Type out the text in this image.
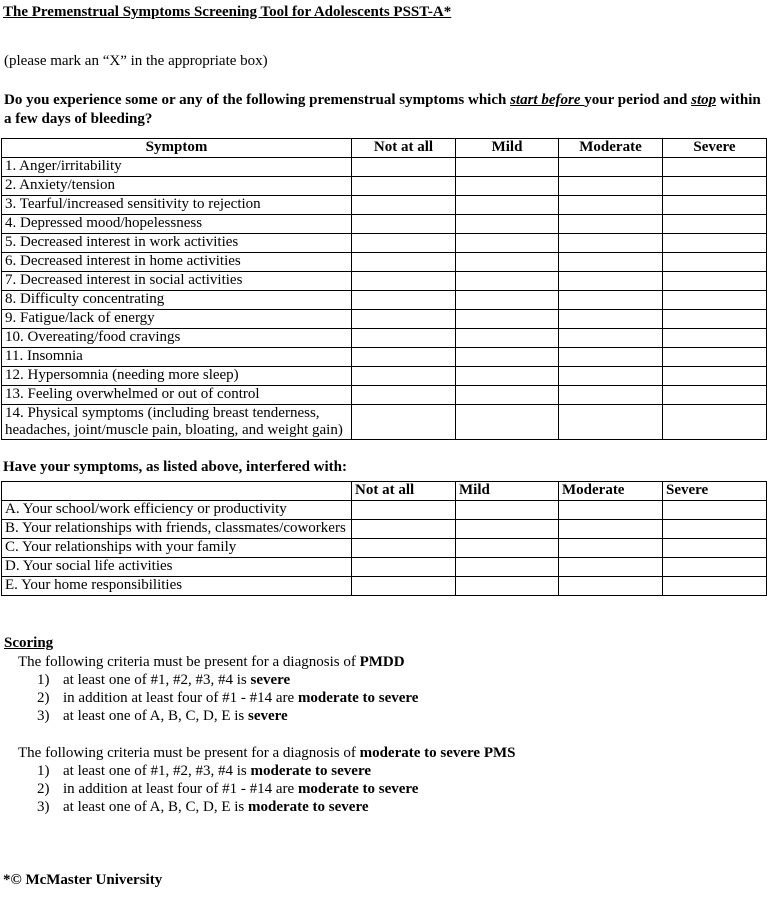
The Premenstrual Symptoms Screening Tool for Adolescents PSST-A*
(please mark an “X” in the appropriate box)

Do you experience some or any of the following premenstrual symptoms which start before your period and stop within a few days of bleeding?

Symptom	Not at all	Mild	Moderate	Severe
1. Anger/irritability				
2. Anxiety/tension				
3. Tearful/increased sensitivity to rejection				
4. Depressed mood/hopelessness				
5. Decreased interest in work activities				
6. Decreased interest in home activities				
7. Decreased interest in social activities				
8. Difficulty concentrating				
9. Fatigue/lack of energy				
10. Overeating/food cravings				
11. Insomnia				
12. Hypersomnia (needing more sleep)				
13. Feeling overwhelmed or out of control				
14. Physical symptoms (including breast tenderness, headaches, joint/muscle pain, bloating, and weight gain)				
Have your symptoms, as listed above, interfered with:
	Not at all	Mild	Moderate	Severe
A. Your school/work efficiency or productivity				
B. Your relationships with friends, classmates/coworkers				
C. Your relationships with your family				
D. Your social life activities				
E. Your home responsibilities				
Scoring
The following criteria must be present for a diagnosis of PMDD
1) at least one of #1, #2, #3, #4 is severe
2) in addition at least four of #1 - #14 are moderate to severe
3) at least one of A, B, C, D, E is severe
The following criteria must be present for a diagnosis of moderate to severe PMS
1) at least one of #1, #2, #3, #4 is moderate to severe
2) in addition at least four of #1 - #14 are moderate to severe
3) at least one of A, B, C, D, E is moderate to severe
*© McMaster University
